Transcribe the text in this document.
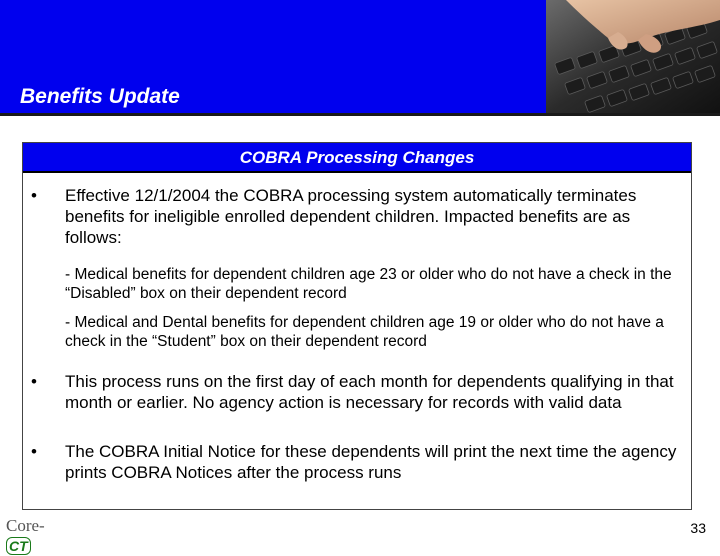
Benefits Update
COBRA Processing Changes
•	Effective 12/1/2004 the COBRA processing system automatically terminates benefits for ineligible enrolled dependent children. Impacted benefits are as follows:
- Medical benefits for dependent children age 23 or older who do not have a check in the “Disabled” box on their dependent record
- Medical and Dental benefits for dependent children age 19 or older who do not have a check in the “Student” box on their dependent record
•	This process runs on the first day of each month for dependents qualifying in that month or earlier. No agency action is necessary for records with valid data
•	The COBRA Initial Notice for these dependents will print the next time the agency prints COBRA Notices after the process runs
Core-CT
33
